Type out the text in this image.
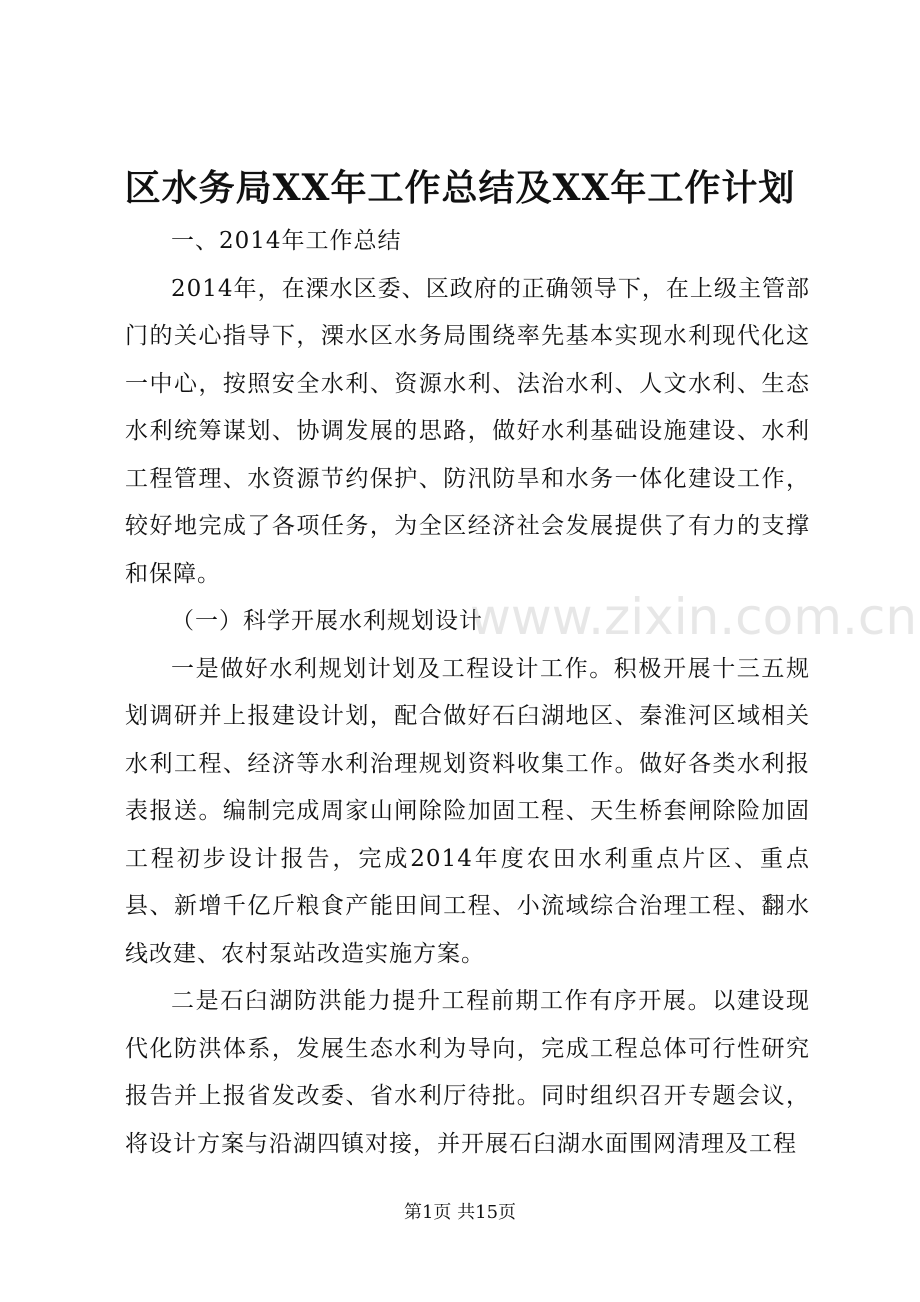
区水务局XX年工作总结及XX年工作计划

一、2014年工作总结

2014年，在溧水区委、区政府的正确领导下，在上级主管部门的关心指导下，溧水区水务局围绕率先基本实现水利现代化这一中心，按照安全水利、资源水利、法治水利、人文水利、生态水利统筹谋划、协调发展的思路，做好水利基础设施建设、水利工程管理、水资源节约保护、防汛防旱和水务一体化建设工作，较好地完成了各项任务，为全区经济社会发展提供了有力的支撑和保障。

（一）科学开展水利规划设计

一是做好水利规划计划及工程设计工作。积极开展十三五规划调研并上报建设计划，配合做好石臼湖地区、秦淮河区域相关水利工程、经济等水利治理规划资料收集工作。做好各类水利报表报送。编制完成周家山闸除险加固工程、天生桥套闸除险加固工程初步设计报告，完成2014年度农田水利重点片区、重点县、新增千亿斤粮食产能田间工程、小流域综合治理工程、翻水线改建、农村泵站改造实施方案。

二是石臼湖防洪能力提升工程前期工作有序开展。以建设现代化防洪体系，发展生态水利为导向，完成工程总体可行性研究报告并上报省发改委、省水利厅待批。同时组织召开专题会议，将设计方案与沿湖四镇对接，并开展石臼湖水面围网清理及工程

www.zixin.com.cn
第1页 共15页
